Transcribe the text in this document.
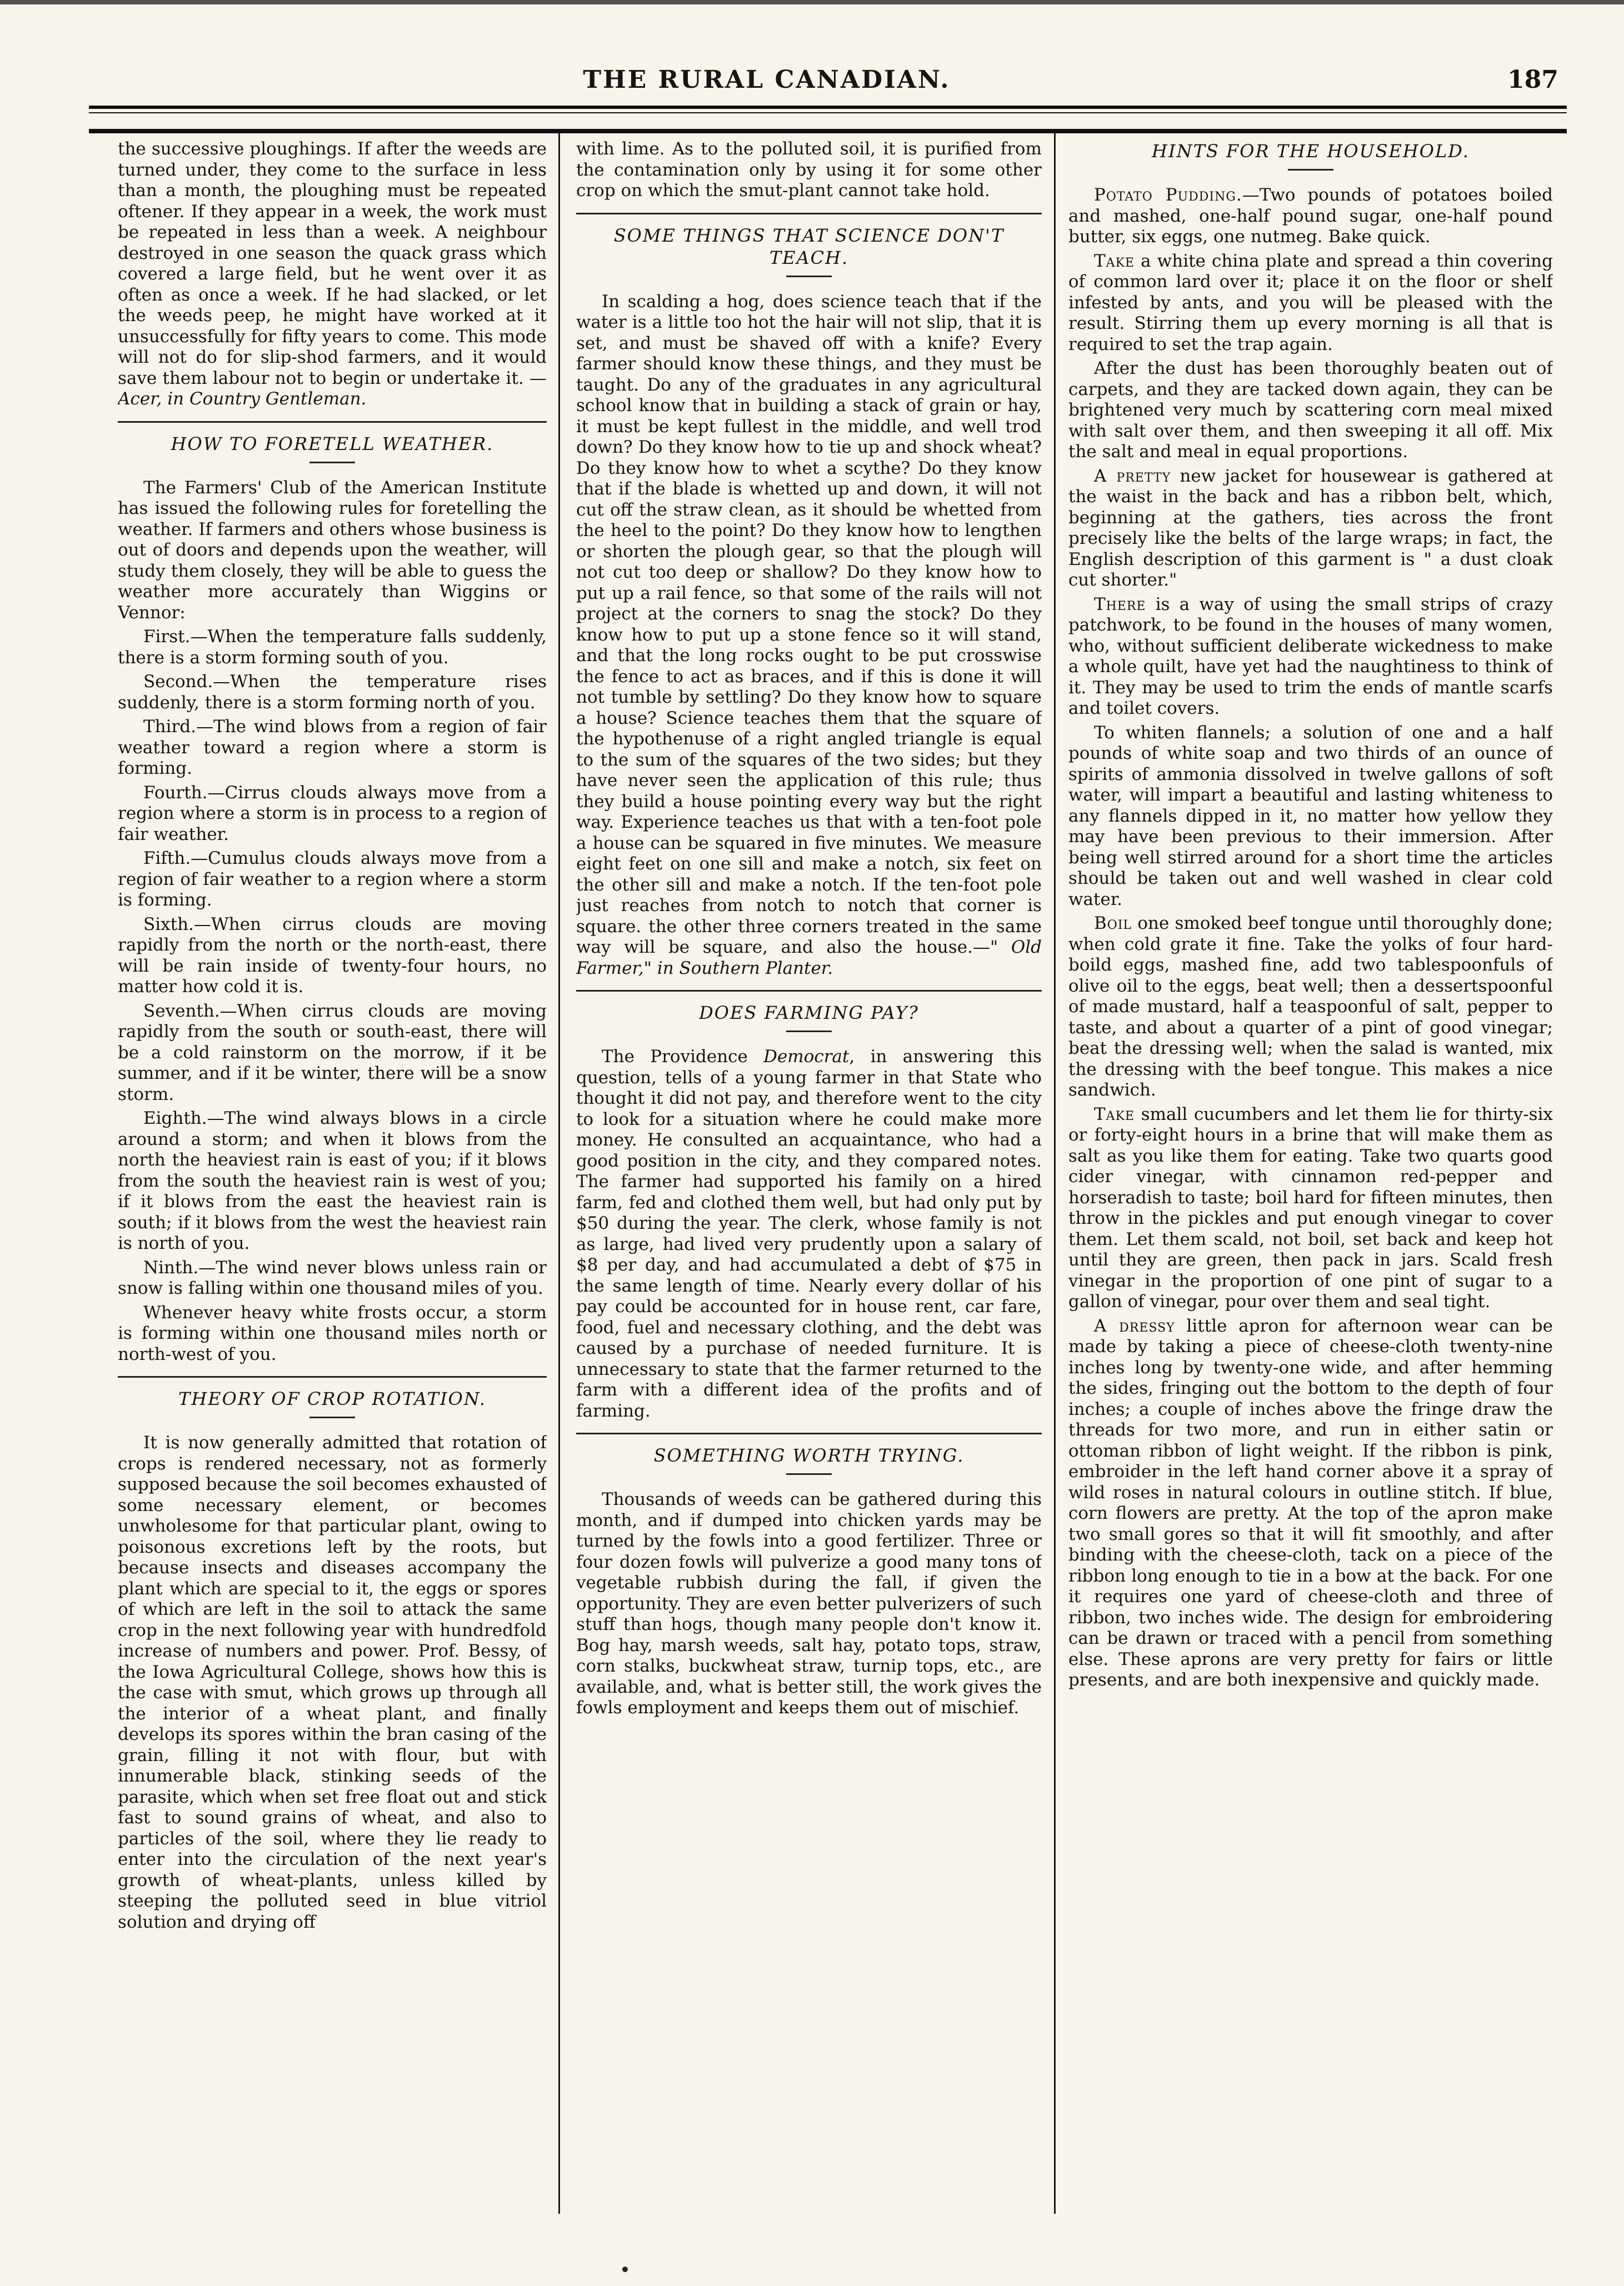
THE RURAL CANADIAN.	187

the successive ploughings. If after the weeds are turned under, they come to the surface in less than a month, the ploughing must be repeated oftener. If they appear in a week, the work must be repeated in less than a week. A neighbour destroyed in one season the quack grass which covered a large field, but he went over it as often as once a week. If he had slacked, or let the weeds peep, he might have worked at it unsuccessfully for fifty years to come. This mode will not do for slip-shod farmers, and it would save them labour not to begin or undertake it. —Acer, in Country Gentleman.

HOW TO FORETELL WEATHER.

The Farmers' Club of the American Institute has issued the following rules for foretelling the weather. If farmers and others whose business is out of doors and depends upon the weather, will study them closely, they will be able to guess the weather more accurately than Wiggins or Vennor:

First.—When the temperature falls suddenly, there is a storm forming south of you.

Second.—When the temperature rises suddenly, there is a storm forming north of you.

Third.—The wind blows from a region of fair weather toward a region where a storm is forming.

Fourth.—Cirrus clouds always move from a region where a storm is in process to a region of fair weather.

Fifth.—Cumulus clouds always move from a region of fair weather to a region where a storm is forming.

Sixth.—When cirrus clouds are moving rapidly from the north or the north-east, there will be rain inside of twenty-four hours, no matter how cold it is.

Seventh.—When cirrus clouds are moving rapidly from the south or south-east, there will be a cold rainstorm on the morrow, if it be summer, and if it be winter, there will be a snow storm.

Eighth.—The wind always blows in a circle around a storm; and when it blows from the north the heaviest rain is east of you; if it blows from the south the heaviest rain is west of you; if it blows from the east the heaviest rain is south; if it blows from the west the heaviest rain is north of you.

Ninth.—The wind never blows unless rain or snow is falling within one thousand miles of you.

Whenever heavy white frosts occur, a storm is forming within one thousand miles north or north-west of you.

THEORY OF CROP ROTATION.

It is now generally admitted that rotation of crops is rendered necessary, not as formerly supposed because the soil becomes exhausted of some necessary element, or becomes unwholesome for that particular plant, owing to poisonous excretions left by the roots, but because insects and diseases accompany the plant which are special to it, the eggs or spores of which are left in the soil to attack the same crop in the next following year with hundredfold increase of numbers and power. Prof. Bessy, of the Iowa Agricultural College, shows how this is the case with smut, which grows up through all the interior of a wheat plant, and finally develops its spores within the bran casing of the grain, filling it not with flour, but with innumerable black, stinking seeds of the parasite, which when set free float out and stick fast to sound grains of wheat, and also to particles of the soil, where they lie ready to enter into the circulation of the next year's growth of wheat-plants, unless killed by steeping the polluted seed in blue vitriol solution and drying off

with lime. As to the polluted soil, it is purified from the contamination only by using it for some other crop on which the smut-plant cannot take hold.

SOME THINGS THAT SCIENCE DON'T TEACH.

In scalding a hog, does science teach that if the water is a little too hot the hair will not slip, that it is set, and must be shaved off with a knife? Every farmer should know these things, and they must be taught. Do any of the graduates in any agricultural school know that in building a stack of grain or hay, it must be kept fullest in the middle, and well trod down? Do they know how to tie up and shock wheat? Do they know how to whet a scythe? Do they know that if the blade is whetted up and down, it will not cut off the straw clean, as it should be whetted from the heel to the point? Do they know how to lengthen or shorten the plough gear, so that the plough will not cut too deep or shallow? Do they know how to put up a rail fence, so that some of the rails will not project at the corners to snag the stock? Do they know how to put up a stone fence so it will stand, and that the long rocks ought to be put crosswise the fence to act as braces, and if this is done it will not tumble by settling? Do they know how to square a house? Science teaches them that the square of the hypothenuse of a right angled triangle is equal to the sum of the squares of the two sides; but they have never seen the application of this rule; thus they build a house pointing every way but the right way. Experience teaches us that with a ten-foot pole a house can be squared in five minutes. We measure eight feet on one sill and make a notch, six feet on the other sill and make a notch. If the ten-foot pole just reaches from notch to notch that corner is square. the other three corners treated in the same way will be square, and also the house.—" Old Farmer," in Southern Planter.

DOES FARMING PAY?

The Providence Democrat, in answering this question, tells of a young farmer in that State who thought it did not pay, and therefore went to the city to look for a situation where he could make more money. He consulted an acquaintance, who had a good position in the city, and they compared notes. The farmer had supported his family on a hired farm, fed and clothed them well, but had only put by $50 during the year. The clerk, whose family is not as large, had lived very prudently upon a salary of $8 per day, and had accumulated a debt of $75 in the same length of time. Nearly every dollar of his pay could be accounted for in house rent, car fare, food, fuel and necessary clothing, and the debt was caused by a purchase of needed furniture. It is unnecessary to state that the farmer returned to the farm with a different idea of the profits and of farming.

SOMETHING WORTH TRYING.

Thousands of weeds can be gathered during this month, and if dumped into chicken yards may be turned by the fowls into a good fertilizer. Three or four dozen fowls will pulverize a good many tons of vegetable rubbish during the fall, if given the opportunity. They are even better pulverizers of such stuff than hogs, though many people don't know it. Bog hay, marsh weeds, salt hay, potato tops, straw, corn stalks, buckwheat straw, turnip tops, etc., are available, and, what is better still, the work gives the fowls employment and keeps them out of mischief.

HINTS FOR THE HOUSEHOLD.

Potato Pudding.—Two pounds of potatoes boiled and mashed, one-half pound sugar, one-half pound butter, six eggs, one nutmeg. Bake quick.

Take a white china plate and spread a thin covering of common lard over it; place it on the floor or shelf infested by ants, and you will be pleased with the result. Stirring them up every morning is all that is required to set the trap again.

After the dust has been thoroughly beaten out of carpets, and they are tacked down again, they can be brightened very much by scattering corn meal mixed with salt over them, and then sweeping it all off. Mix the salt and meal in equal proportions.

A pretty new jacket for housewear is gathered at the waist in the back and has a ribbon belt, which, beginning at the gathers, ties across the front precisely like the belts of the large wraps; in fact, the English description of this garment is " a dust cloak cut shorter."

There is a way of using the small strips of crazy patchwork, to be found in the houses of many women, who, without sufficient deliberate wickedness to make a whole quilt, have yet had the naughtiness to think of it. They may be used to trim the ends of mantle scarfs and toilet covers.

To whiten flannels; a solution of one and a half pounds of white soap and two thirds of an ounce of spirits of ammonia dissolved in twelve gallons of soft water, will impart a beautiful and lasting whiteness to any flannels dipped in it, no matter how yellow they may have been previous to their immersion. After being well stirred around for a short time the articles should be taken out and well washed in clear cold water.

Boil one smoked beef tongue until thoroughly done; when cold grate it fine. Take the yolks of four hard-boild eggs, mashed fine, add two tablespoonfuls of olive oil to the eggs, beat well; then a dessertspoonful of made mustard, half a teaspoonful of salt, pepper to taste, and about a quarter of a pint of good vinegar; beat the dressing well; when the salad is wanted, mix the dressing with the beef tongue. This makes a nice sandwich.

Take small cucumbers and let them lie for thirty-six or forty-eight hours in a brine that will make them as salt as you like them for eating. Take two quarts good cider vinegar, with cinnamon red-pepper and horseradish to taste; boil hard for fifteen minutes, then throw in the pickles and put enough vinegar to cover them. Let them scald, not boil, set back and keep hot until they are green, then pack in jars. Scald fresh vinegar in the proportion of one pint of sugar to a gallon of vinegar, pour over them and seal tight.

A dressy little apron for afternoon wear can be made by taking a piece of cheese-cloth twenty-nine inches long by twenty-one wide, and after hemming the sides, fringing out the bottom to the depth of four inches; a couple of inches above the fringe draw the threads for two more, and run in either satin or ottoman ribbon of light weight. If the ribbon is pink, embroider in the left hand corner above it a spray of wild roses in natural colours in outline stitch. If blue, corn flowers are pretty. At the top of the apron make two small gores so that it will fit smoothly, and after binding with the cheese-cloth, tack on a piece of the ribbon long enough to tie in a bow at the back. For one it requires one yard of cheese-cloth and three of ribbon, two inches wide. The design for embroidering can be drawn or traced with a pencil from something else. These aprons are very pretty for fairs or little presents, and are both inexpensive and quickly made.
